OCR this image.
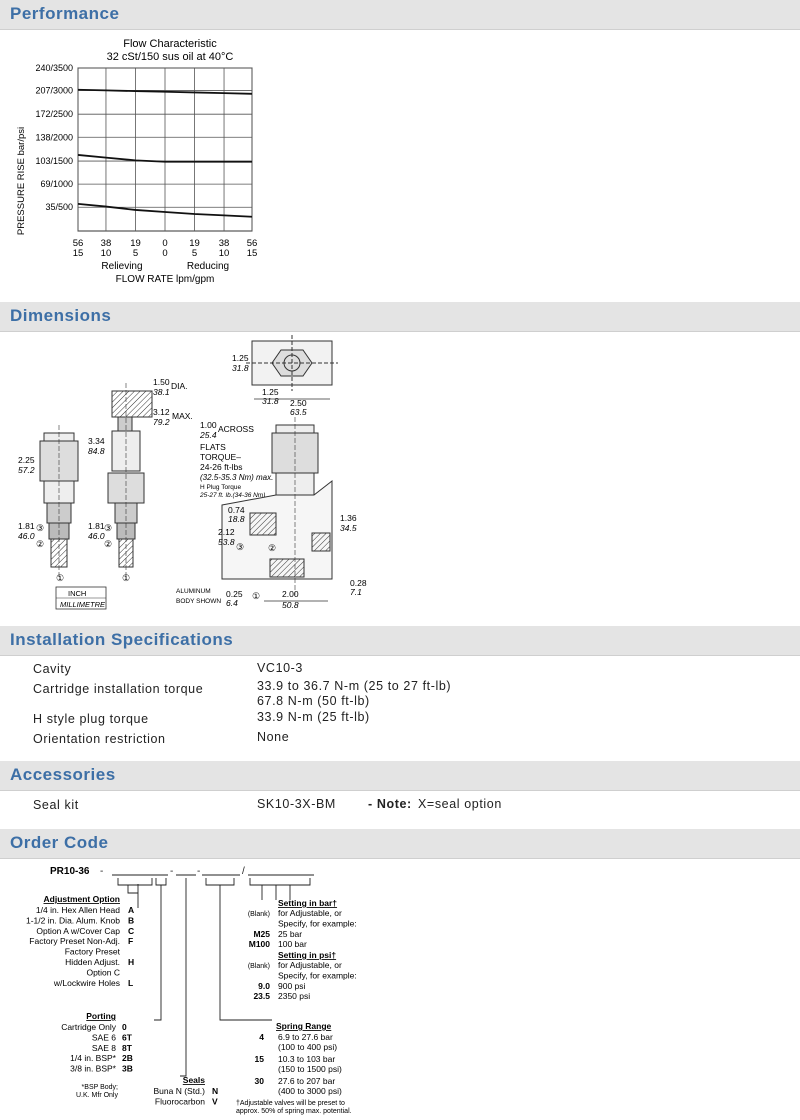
Performance
Flow Characteristic
32 cSt/150 sus oil at 40°C
PRESSURE RISE bar/psi
240/3500
207/3000
172/2500
138/2000
103/1500
69/1000
35/500
56
15
38
10
19
5
0
0
19
5
38
10
56
15
Relieving	Reducing
FLOW RATE lpm/gpm
Dimensions
1.25
31.8
1.25
31.8 2.50
63.5
2.25
57.2
1.81
46.0
1.50 DIA.
38.1
3.12 MAX.
79.2
3.34
84.8
1.81
46.0
①
②
③
①
②
③
INCH
MILLIMETRE
1.00 ACROSS
25.4
FLATS
TORQUE–
24-26 ft-lbs
(32.5-35.3 Nm) max.
H Plug Torque
25-27 ft. lb.(34-36 Nm)
0.74
18.8
2.12
53.8
1.36
34.5
0.28
7.1
0.25
6.4
2.00
50.8
ALUMINUM
BODY SHOWN
③	②
①
Installation Specifications
Cavity	VC10-3
Cartridge installation torque	33.9 to 36.7 N-m (25 to 27 ft-lb)
67.8 N-m (50 ft-lb)
H style plug torque	33.9 N-m (25 ft-lb)
Orientation restriction	None
Accessories
Seal kit	SK10-3X-BM	- Note: X=seal option
Order Code
PR10-36 -	- -	/
Adjustment Option
1/4 in. Hex Allen Head A
1-1/2 in. Dia. Alum. Knob B
Option A w/Cover Cap C
Factory Preset Non-Adj. F
Factory Preset
Hidden Adjust. H
Option C
w/Lockwire Holes L
Porting
Cartridge Only 0
SAE 6 6T
SAE 8 8T
1/4 in. BSP* 2B
3/8 in. BSP* 3B
*BSP Body;
U.K. Mfr Only
Seals
Buna N (Std.) N
Fluorocarbon V
Setting in bar†
(Blank) for Adjustable, or
Specify, for example:
M25 25 bar
M100 100 bar
Setting in psi†
(Blank) for Adjustable, or
Specify, for example:
9.0 900 psi
23.5 2350 psi
Spring Range
4 6.9 to 27.6 bar
(100 to 400 psi)
15 10.3 to 103 bar
(150 to 1500 psi)
30 27.6 to 207 bar
(400 to 3000 psi)
†Adjustable valves will be preset to
approx. 50% of spring max. potential.
